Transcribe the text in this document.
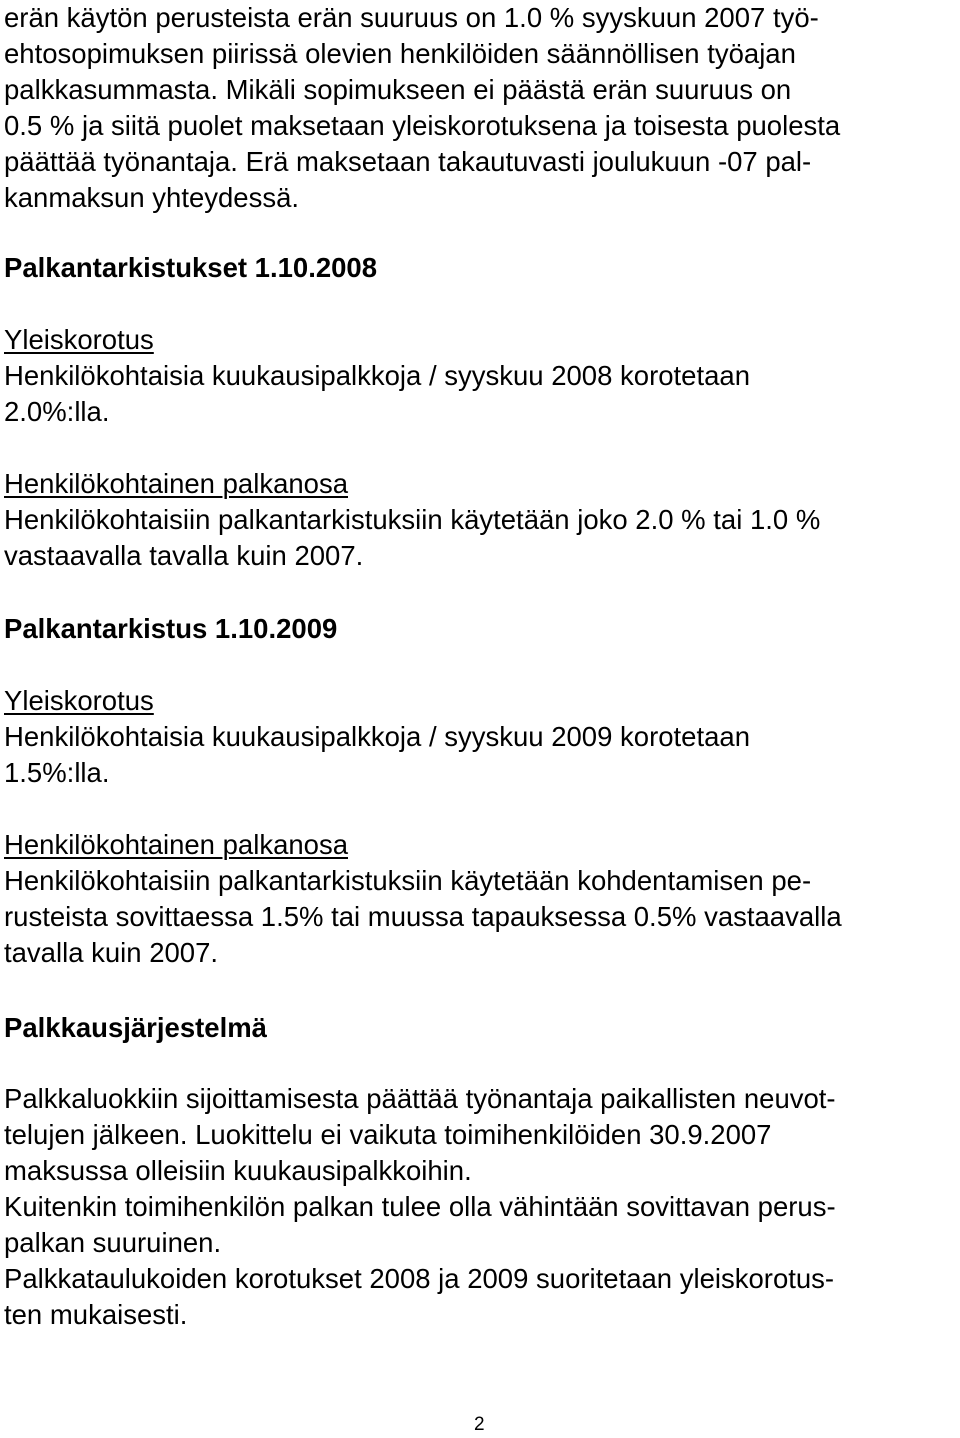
erän käytön perusteista erän suuruus on 1.0 % syyskuun 2007 työ-

ehtosopimuksen piirissä olevien henkilöiden säännöllisen työajan

palkkasummasta. Mikäli sopimukseen ei päästä erän suuruus on

0.5 % ja siitä puolet maksetaan yleiskorotuksena ja toisesta puolesta

päättää työnantaja. Erä maksetaan takautuvasti joulukuun -07 pal-

kanmaksun yhteydessä.

Palkantarkistukset 1.10.2008

Yleiskorotus

Henkilökohtaisia kuukausipalkkoja / syyskuu 2008 korotetaan

2.0%:lla.

Henkilökohtainen palkanosa

Henkilökohtaisiin palkantarkistuksiin käytetään joko 2.0 % tai 1.0 %

vastaavalla tavalla kuin 2007.

Palkantarkistus 1.10.2009

Yleiskorotus

Henkilökohtaisia kuukausipalkkoja / syyskuu 2009 korotetaan

1.5%:lla.

Henkilökohtainen palkanosa

Henkilökohtaisiin palkantarkistuksiin käytetään kohdentamisen pe-

rusteista sovittaessa 1.5% tai muussa tapauksessa 0.5% vastaavalla

tavalla kuin 2007.

Palkkausjärjestelmä

Palkkaluokkiin sijoittamisesta päättää työnantaja paikallisten neuvot-

telujen jälkeen. Luokittelu ei vaikuta toimihenkilöiden 30.9.2007

maksussa olleisiin kuukausipalkkoihin.

Kuitenkin toimihenkilön palkan tulee olla vähintään sovittavan perus-

palkan suuruinen.

Palkkataulukoiden korotukset 2008 ja 2009 suoritetaan yleiskorotus-

ten mukaisesti.

2
